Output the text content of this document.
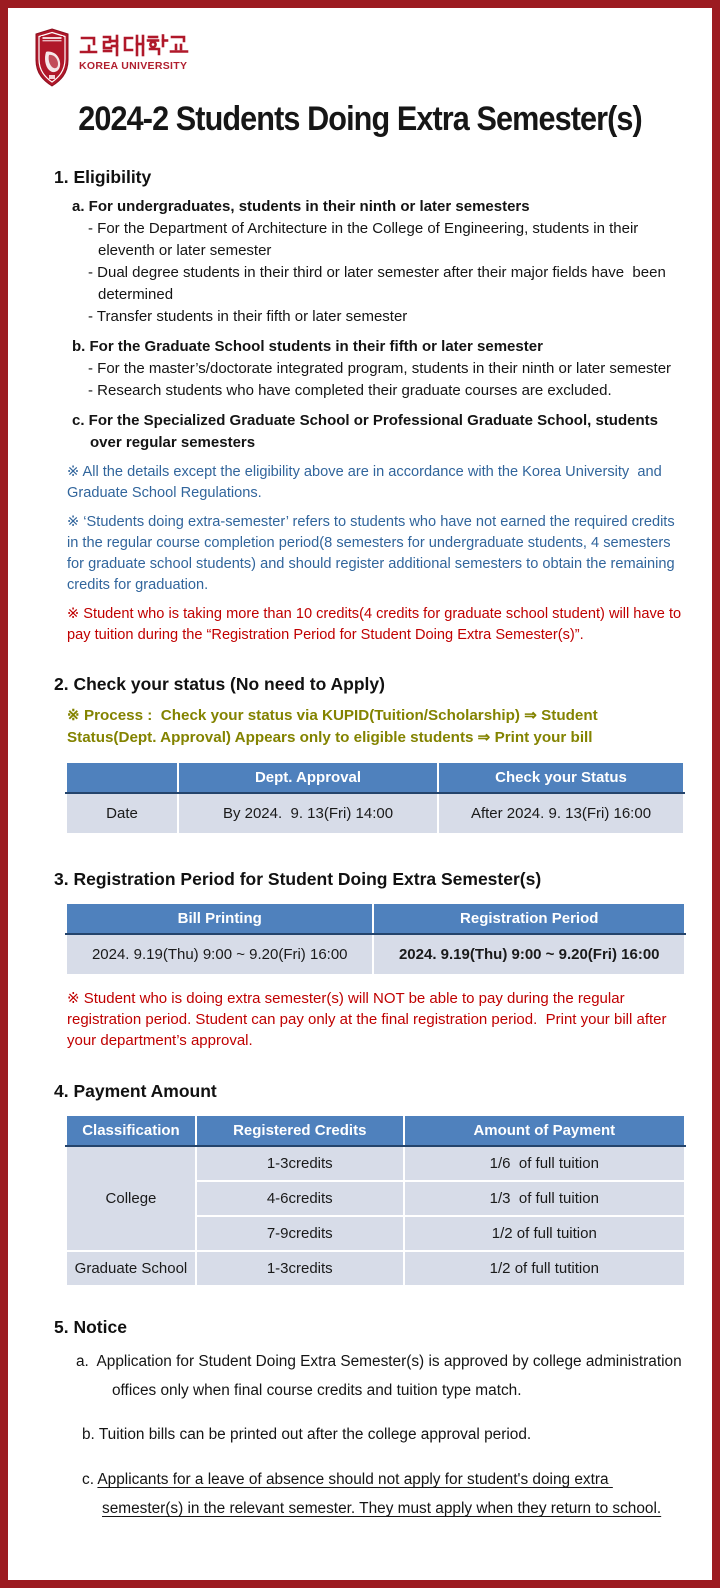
KOREA UNIVERSITY
2024-2 Students Doing Extra Semester(s)
1. Eligibility

a. For undergraduates, students in their ninth or later semesters

- For the Department of Architecture in the College of Engineering, students in their eleventh or later semester

- Dual degree students in their third or later semester after their major fields have  been determined

- Transfer students in their fifth or later semester

b. For the Graduate School students in their fifth or later semester

- For the master’s/doctorate integrated program, students in their ninth or later semester

- Research students who have completed their graduate courses are excluded.

c. For the Specialized Graduate School or Professional Graduate School, students over regular semesters

※ All the details except the eligibility above are in accordance with the Korea University  and Graduate School Regulations.

※ ‘Students doing extra-semester’ refers to students who have not earned the required credits in the regular course completion period(8 semesters for undergraduate students, 4 semesters for graduate school students) and should register additional semesters to obtain the remaining credits for graduation.

※ Student who is taking more than 10 credits(4 credits for graduate school student) will have to pay tuition during the “Registration Period for Student Doing Extra Semester(s)”.

2. Check your status (No need to Apply)

※ Process :  Check your status via KUPID(Tuition/Scholarship) ⇒ Student Status(Dept. Approval) Appears only to eligible students ⇒ Print your bill

	Dept. Approval	Check your Status
Date	By 2024.  9. 13(Fri) 14:00	After 2024. 9. 13(Fri) 16:00
3. Registration Period for Student Doing Extra Semester(s)
Bill Printing	Registration Period
2024. 9.19(Thu) 9:00 ~ 9.20(Fri) 16:00	2024. 9.19(Thu) 9:00 ~ 9.20(Fri) 16:00

※ Student who is doing extra semester(s) will NOT be able to pay during the regular registration period. Student can pay only at the final registration period.  Print your bill after your department’s approval.

4. Payment Amount
Classification	Registered Credits	Amount of Payment
College	1-3credits	1/6  of full tuition
	4-6credits	1/3  of full tuition
	7-9credits	1/2 of full tuition
Graduate School	1-3credits	1/2 of full tutition
5. Notice

a.  Application for Student Doing Extra Semester(s) is approved by college administration offices only when final course credits and tuition type match.

b. Tuition bills can be printed out after the college approval period.

c. Applicants for a leave of absence should not apply for student's doing extra semester(s) in the relevant semester. They must apply when they return to school.
